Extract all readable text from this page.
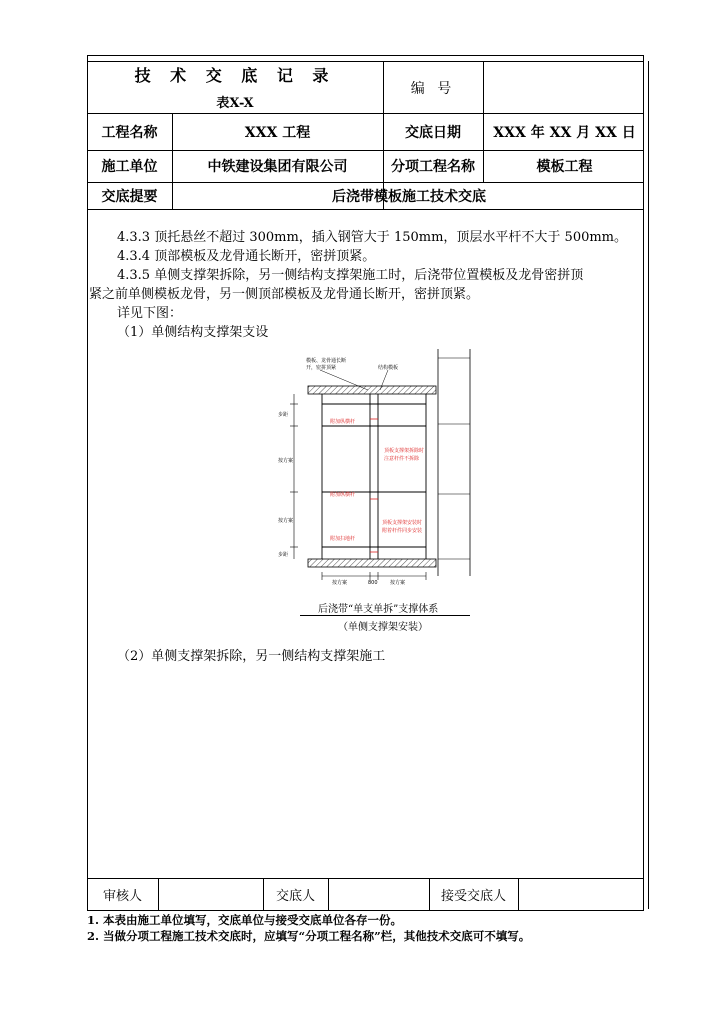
技 术 交 底 记 录
表X-X
编 号
工程名称	XXX 工程	交底日期	XXX 年 XX 月 XX 日
施工单位	中铁建设集团有限公司	分项工程名称	模板工程
交底提要	后浇带模板施工技术交底
4.3.3 顶托悬丝不超过 300mm，插入钢管大于 150mm，顶层水平杆不大于 500mm。
4.3.4 顶部模板及龙骨通长断开，密拼顶紧。
4.3.5 单侧支撑架拆除，另一侧结构支撑架施工时，后浇带位置模板及龙骨密拼顶
紧之前单侧模板龙骨，另一侧顶部模板及龙骨通长断开，密拼顶紧。
详见下图：
（1）单侧结构支撑架支设
模板、龙骨通长断
开，密拼顶紧	结构模板
附加纵横杆
附加纵横杆
附加扫地杆
顶板支撑架拆除时
注意杆件不拆除
顶板支撑架安装时
附着杆件同步安装
步距
按方案
按方案
步距
按方案	800 按方案
后浇带“单支单拆”支撑体系
（单侧支撑架安装）
（2）单侧支撑架拆除，另一侧结构支撑架施工
审核人	交底人	接受交底人
1. 本表由施工单位填写，交底单位与接受交底单位各存一份。
2. 当做分项工程施工技术交底时，应填写“分项工程名称”栏，其他技术交底可不填写。
